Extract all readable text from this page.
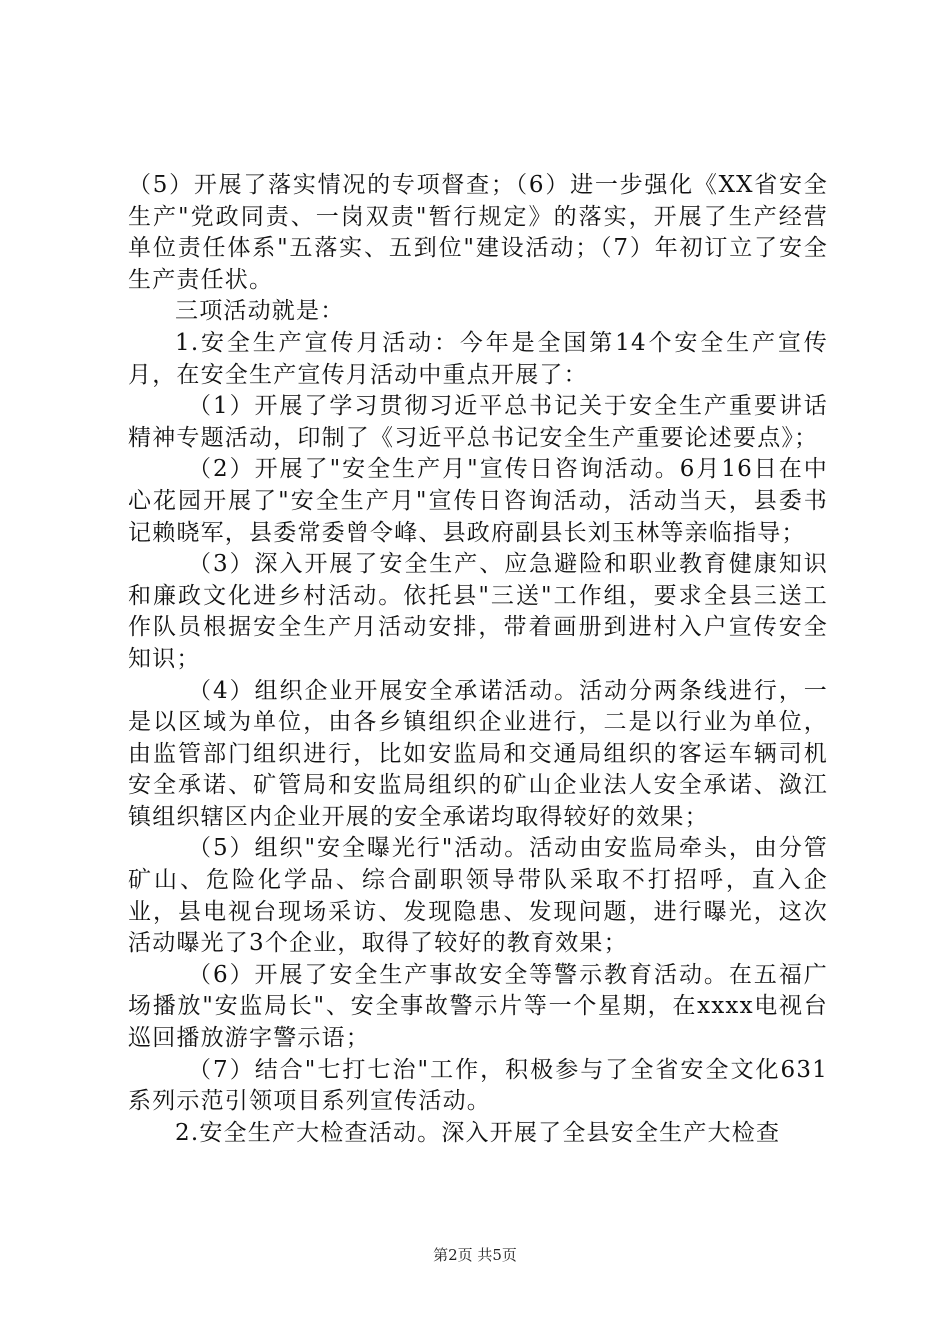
（5）开展了落实情况的专项督查；（6）进一步强化《XX省安全生产"党政同责、一岗双责"暂行规定》的落实，开展了生产经营单位责任体系"五落实、五到位"建设活动；（7）年初订立了安全生产责任状。

三项活动就是：

1.安全生产宣传月活动：今年是全国第14个安全生产宣传月，在安全生产宣传月活动中重点开展了：

（1）开展了学习贯彻习近平总书记关于安全生产重要讲话精神专题活动，印制了《习近平总书记安全生产重要论述要点》；

（2）开展了"安全生产月"宣传日咨询活动。6月16日在中心花园开展了"安全生产月"宣传日咨询活动，活动当天，县委书记赖晓军，县委常委曾令峰、县政府副县长刘玉林等亲临指导；

（3）深入开展了安全生产、应急避险和职业教育健康知识和廉政文化进乡村活动。依托县"三送"工作组，要求全县三送工作队员根据安全生产月活动安排，带着画册到进村入户宣传安全知识；

（4）组织企业开展安全承诺活动。活动分两条线进行，一是以区域为单位，由各乡镇组织企业进行，二是以行业为单位，由监管部门组织进行，比如安监局和交通局组织的客运车辆司机安全承诺、矿管局和安监局组织的矿山企业法人安全承诺、潋江镇组织辖区内企业开展的安全承诺均取得较好的效果；

（5）组织"安全曝光行"活动。活动由安监局牵头，由分管矿山、危险化学品、综合副职领导带队采取不打招呼，直入企业，县电视台现场采访、发现隐患、发现问题，进行曝光，这次活动曝光了3个企业，取得了较好的教育效果；

（6）开展了安全生产事故安全等警示教育活动。在五福广场播放"安监局长"、安全事故警示片等一个星期，在xxxx电视台巡回播放游字警示语；

（7）结合"七打七治"工作，积极参与了全省安全文化631系列示范引领项目系列宣传活动。

2.安全生产大检查活动。深入开展了全县安全生产大检查

第2页 共5页
